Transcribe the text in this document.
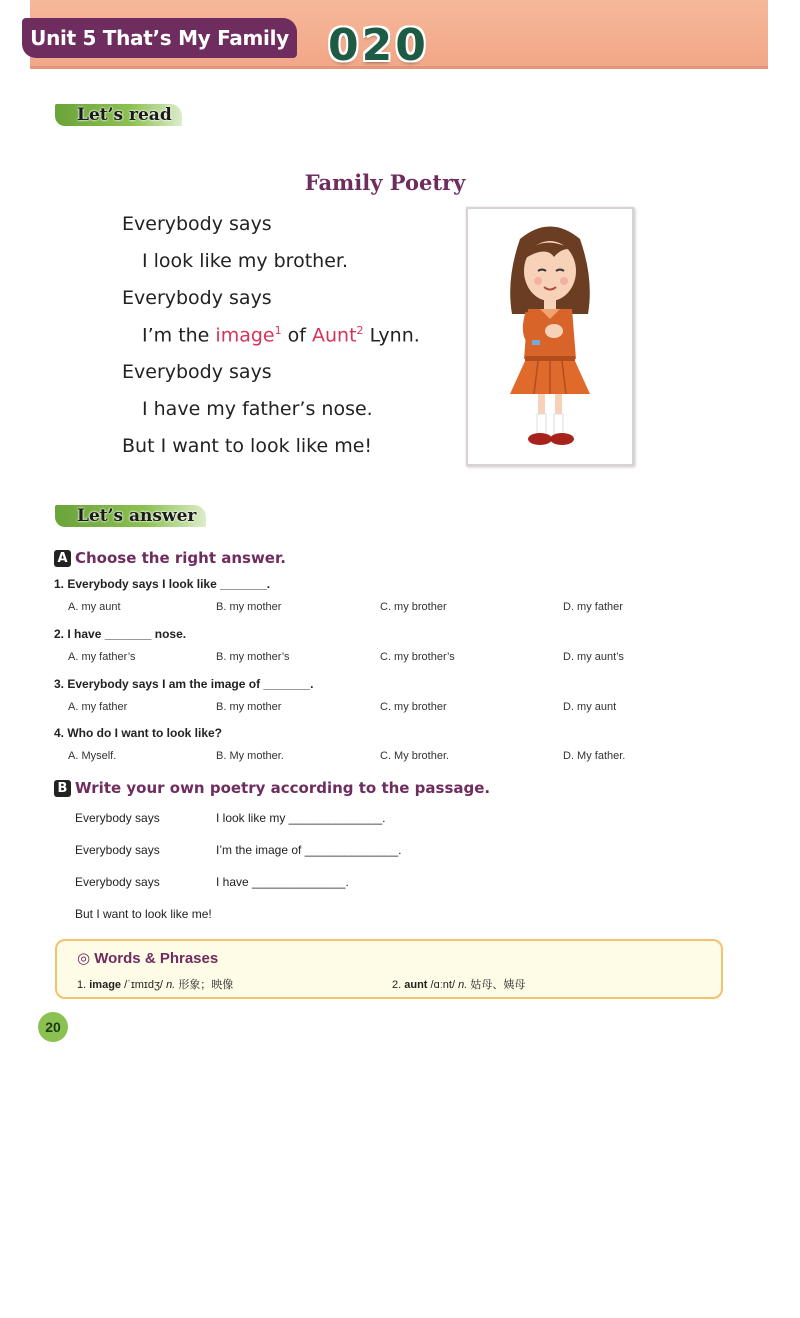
Unit 5 That’s My Family 020
Let’s read
Family Poetry
Everybody says
I look like my brother.
Everybody says
I’m the image$^1$ of Aunt$^2$ Lynn.
Everybody says
I have my father’s nose.
But I want to look like me!
Let’s answer
A Choose the right answer.
1. Everybody says I look like _______.
A. my aunt	B. my mother	C. my brother	D. my father
2. I have _______ nose.
A. my father’s	B. my mother’s	C. my brother’s	D. my aunt’s
3. Everybody says I am the image of _______.
A. my father	B. my mother	C. my brother	D. my aunt
4. Who do I want to look like?
A. Myself.	B. My mother.	C. My brother.	D. My father.
B Write your own poetry according to the passage.
Everybody says	I look like my ______________.
Everybody says	I’m the image of ______________.
Everybody says	I have ______________.
But I want to look like me!
◎ Words & Phrases
1. image /ˈɪmɪdʒ/ n. 形象；映像	2. aunt /ɑːnt/ n. 姑母、姨母
20
